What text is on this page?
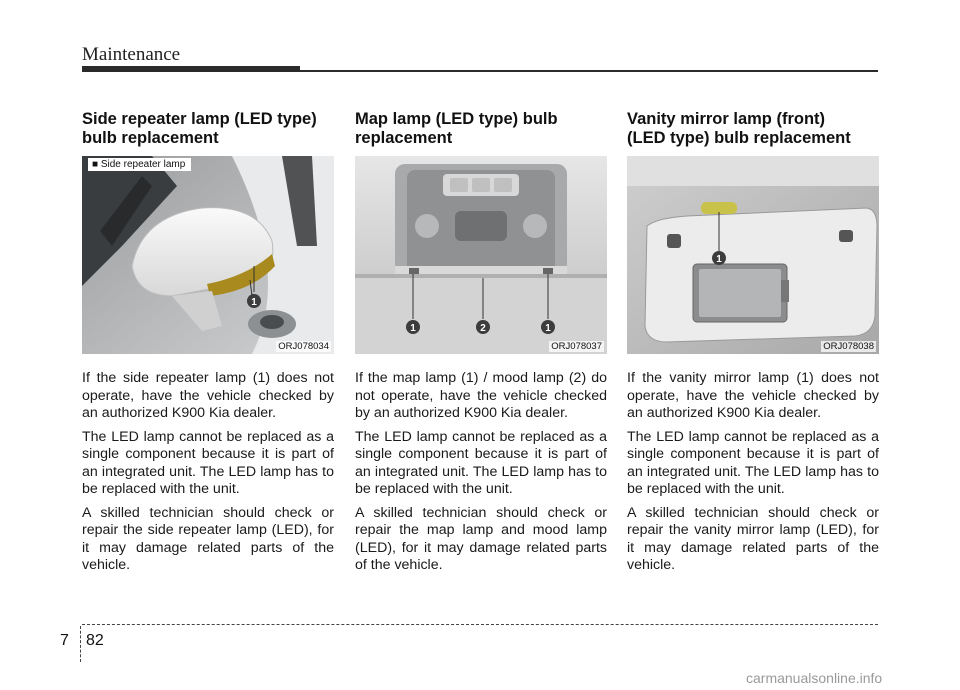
Maintenance
Side repeater lamp (LED type)
bulb replacement
1
■ Side repeater lamp
ORJ078034

If the side repeater lamp (1) does not operate, have the vehicle checked by an authorized K900 Kia dealer.

The LED lamp cannot be replaced as a single component because it is part of an integrated unit. The LED lamp has to be replaced with the unit.

A skilled technician should check or repair the side repeater lamp (LED), for it may damage related parts of the vehicle.

Map lamp (LED type) bulb
replacement
1	2	1
ORJ078037

If the map lamp (1) / mood lamp (2) do not operate, have the vehicle checked by an authorized K900 Kia dealer.

The LED lamp cannot be replaced as a single component because it is part of an integrated unit. The LED lamp has to be replaced with the unit.

A skilled technician should check or repair the map lamp and mood lamp (LED), for it may damage related parts of the vehicle.

Vanity mirror lamp (front)
(LED type) bulb replacement
1
ORJ078038

If the vanity mirror lamp (1) does not operate, have the vehicle checked by an authorized K900 Kia dealer.

The LED lamp cannot be replaced as a single component because it is part of an integrated unit. The LED lamp has to be replaced with the unit.

A skilled technician should check or repair the vanity mirror lamp (LED), for it may damage related parts of the vehicle.

7 82
carmanualsonline.info
